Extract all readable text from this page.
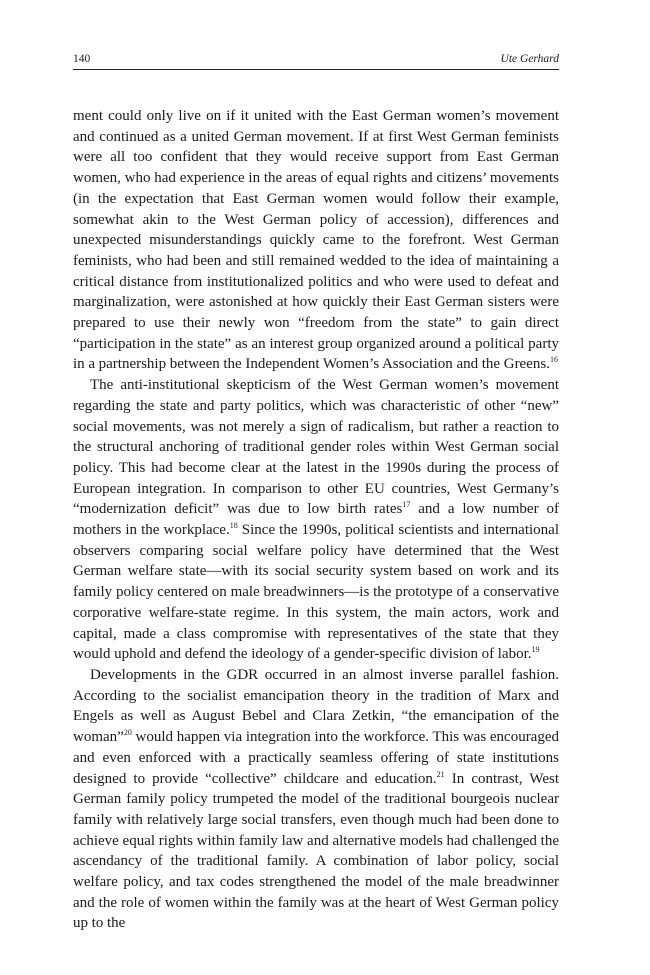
140	Ute Gerhard

ment could only live on if it united with the East German women’s movement and continued as a united German movement. If at first West German feminists were all too confident that they would receive support from East German women, who had experience in the areas of equal rights and citizens’ movements (in the expectation that East German women would follow their example, somewhat akin to the West German policy of accession), differences and unexpected misunderstandings quickly came to the forefront. West German feminists, who had been and still remained wedded to the idea of maintaining a critical distance from institutionalized politics and who were used to defeat and marginalization, were astonished at how quickly their East German sisters were prepared to use their newly won “freedom from the state” to gain direct “participation in the state” as an interest group organized around a political party in a partnership between the Independent Women’s Association and the Greens.$^{16}$

The anti-institutional skepticism of the West German women’s movement regarding the state and party politics, which was characteristic of other “new” social movements, was not merely a sign of radicalism, but rather a reaction to the structural anchoring of traditional gender roles within West German social policy. This had become clear at the latest in the 1990s during the process of European integration. In comparison to other EU countries, West Germany’s “modernization deficit” was due to low birth rates$^{17}$ and a low number of mothers in the workplace.$^{18}$ Since the 1990s, political scientists and international observers comparing social welfare policy have determined that the West German welfare state—with its social security system based on work and its family policy centered on male breadwinners—is the prototype of a conservative corporative welfare-state regime. In this system, the main actors, work and capital, made a class compromise with representatives of the state that they would uphold and defend the ideology of a gender-specific division of labor.$^{19}$

Developments in the GDR occurred in an almost inverse parallel fashion. According to the socialist emancipation theory in the tradition of Marx and Engels as well as August Bebel and Clara Zetkin, “the emancipation of the woman”$^{20}$ would happen via integration into the workforce. This was encouraged and even enforced with a practically seamless offering of state institutions designed to provide “collective” childcare and education.$^{21}$ In contrast, West German family policy trumpeted the model of the traditional bourgeois nuclear family with relatively large social transfers, even though much had been done to achieve equal rights within family law and alternative models had challenged the ascendancy of the traditional family. A combination of labor policy, social welfare policy, and tax codes strengthened the model of the male breadwinner and the role of women within the family was at the heart of West German policy up to the
